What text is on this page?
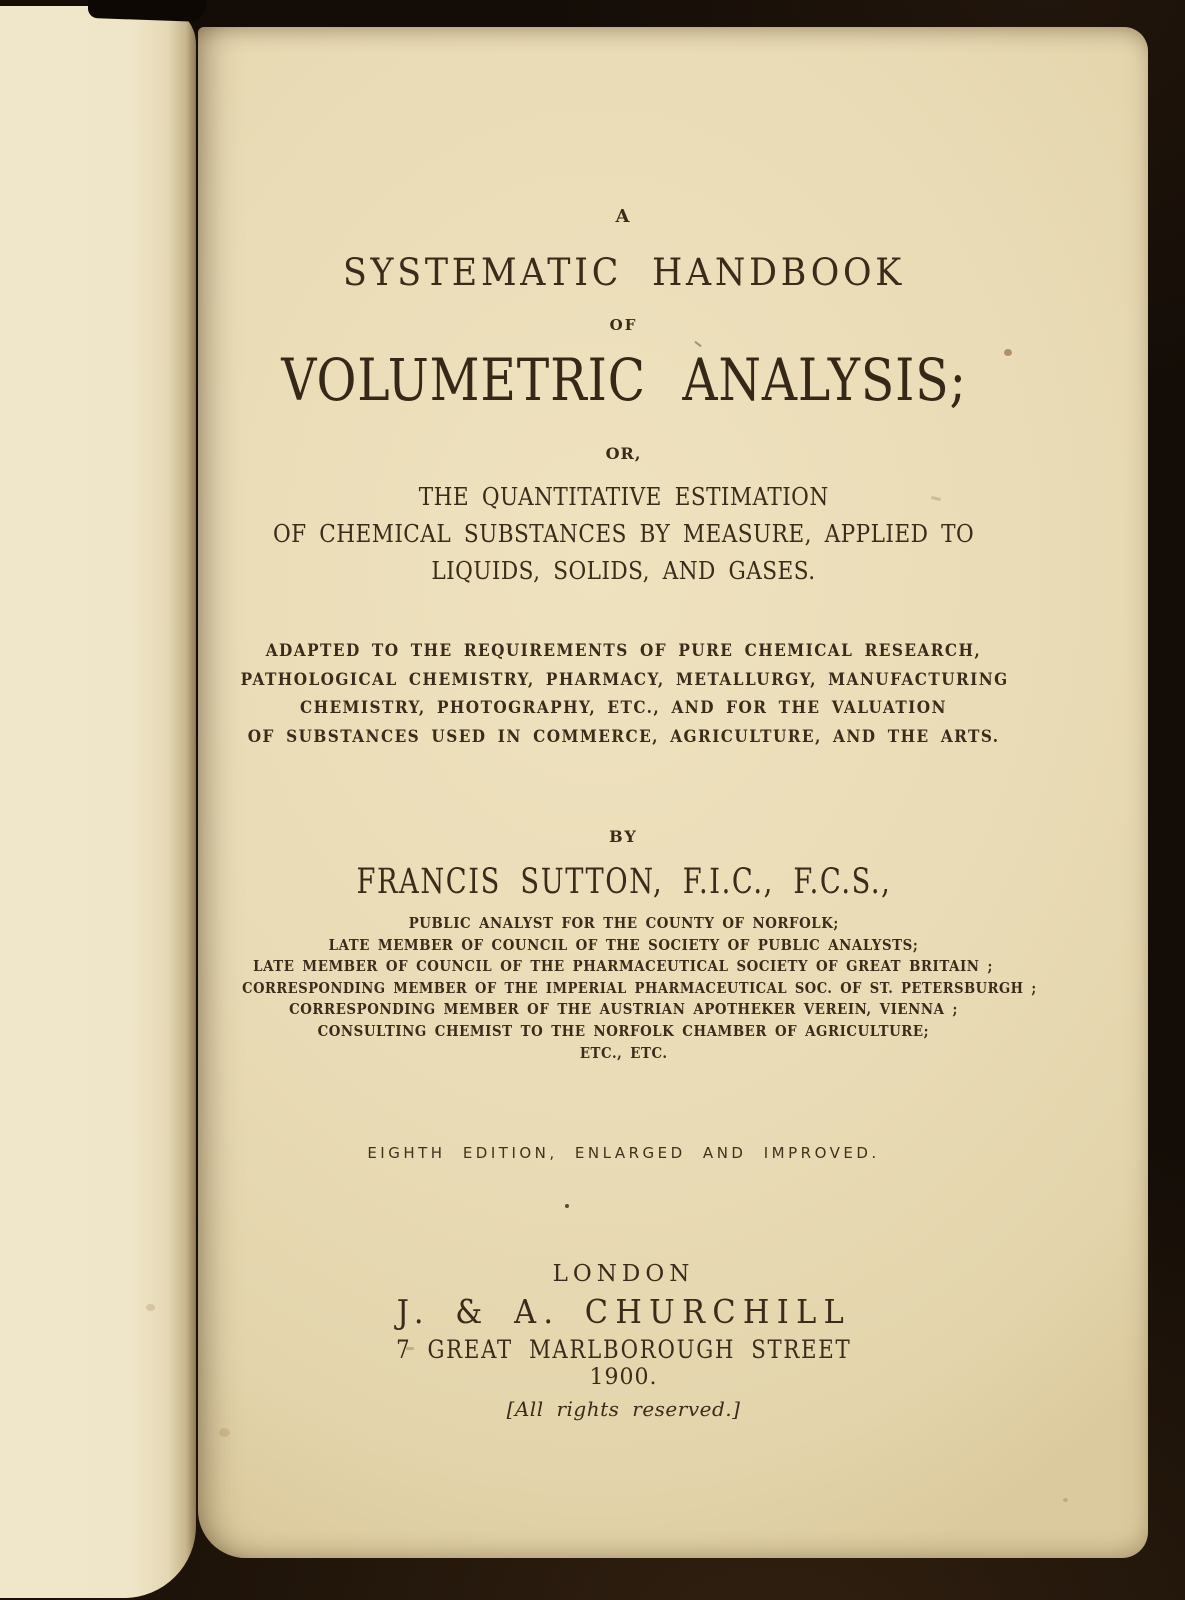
A
SYSTEMATIC HANDBOOK
OF
VOLUMETRIC ANALYSIS;
OR,
THE QUANTITATIVE ESTIMATION
OF CHEMICAL SUBSTANCES BY MEASURE, APPLIED TO
LIQUIDS, SOLIDS, AND GASES.
ADAPTED TO THE REQUIREMENTS OF PURE CHEMICAL RESEARCH,
PATHOLOGICAL CHEMISTRY, PHARMACY, METALLURGY, MANUFACTURING
CHEMISTRY, PHOTOGRAPHY, ETC., AND FOR THE VALUATION
OF SUBSTANCES USED IN COMMERCE, AGRICULTURE, AND THE ARTS.
BY
FRANCIS SUTTON, F.I.C., F.C.S.,
PUBLIC ANALYST FOR THE COUNTY OF NORFOLK;
LATE MEMBER OF COUNCIL OF THE SOCIETY OF PUBLIC ANALYSTS;
LATE MEMBER OF COUNCIL OF THE PHARMACEUTICAL SOCIETY OF GREAT BRITAIN ;
CORRESPONDING MEMBER OF THE IMPERIAL PHARMACEUTICAL SOC. OF ST. PETERSBURGH ;
CORRESPONDING MEMBER OF THE AUSTRIAN APOTHEKER VEREIN, VIENNA ;
CONSULTING CHEMIST TO THE NORFOLK CHAMBER OF AGRICULTURE;
ETC., ETC.
EIGHTH EDITION, ENLARGED AND IMPROVED.
LONDON
J. & A. CHURCHILL
7 GREAT MARLBOROUGH STREET
1900.
[All rights reserved.]
